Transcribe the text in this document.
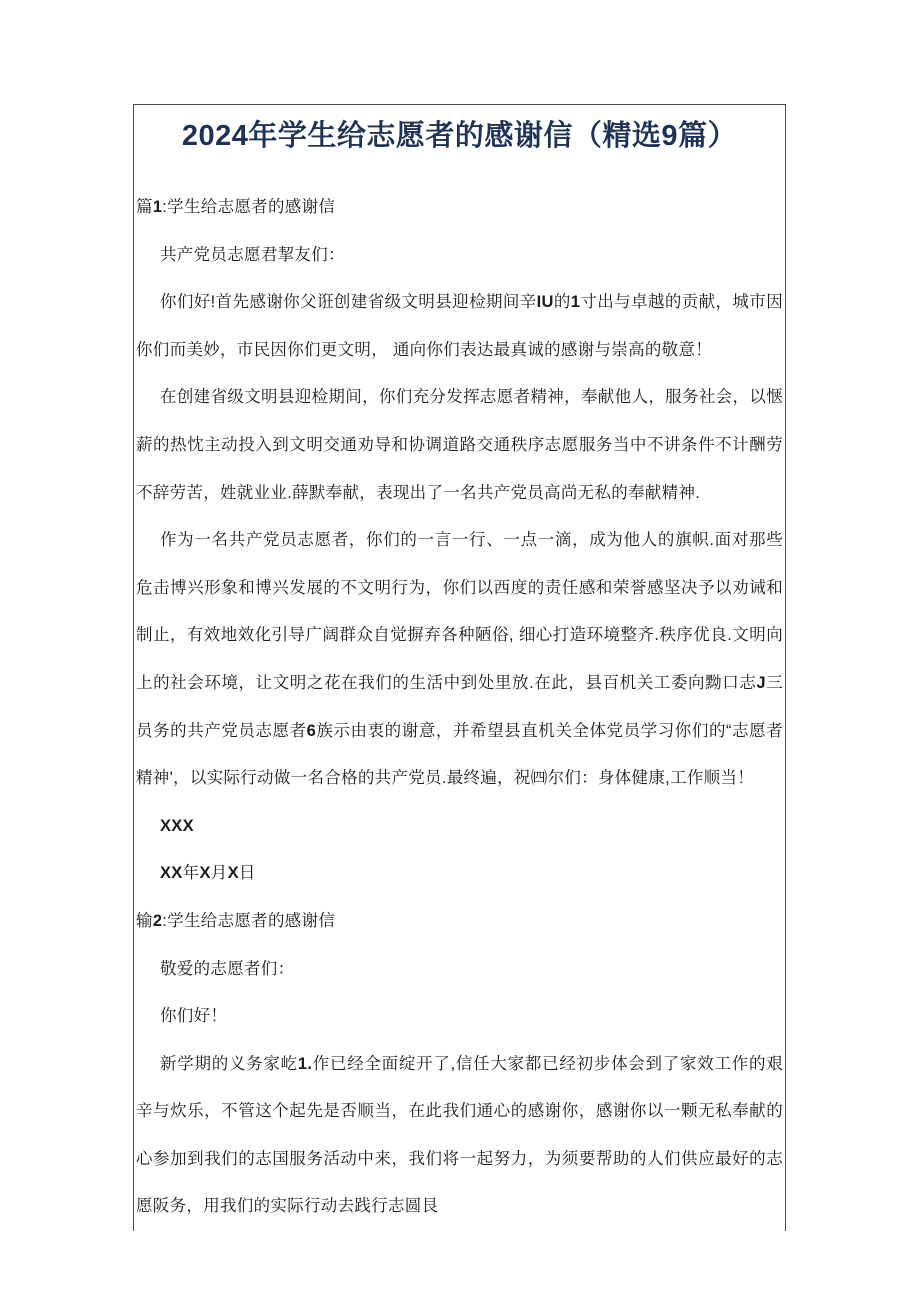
2024年学生给志愿者的感谢信（精选9篇）

篇1:学生给志愿者的感谢信

共产党员志愿君挈友们：

你们好!首先感谢你父诳创建省级文明县迎检期间辛IU的1寸出与卓越的贡献，城市因你们而美妙，市民因你们更文明， 通向你们表达最真诚的感谢与崇高的敬意！

在创建省级文明县迎检期间，你们充分发挥志愿者精神，奉献他人，服务社会，以惬薪的热忱主动投入到文明交通劝导和协调道路交通秩序志愿服务当中不讲条件不计酬劳不辞劳苦，姓就业业.薛默奉献，表现出了一名共产党员高尚无私的奉献精神.

作为一名共产党员志愿者，你们的一言一行、一点一滴，成为他人的旗帜.面对那些危击博兴形象和博兴发展的不文明行为，你们以西度的责任感和荣誉感坚决予以劝诫和制止，有效地效化引导广阔群众自觉摒弃各种陋俗, 细心打造环境整齐.秩序优良.文明向上的社会环境，让文明之花在我们的生活中到处里放.在此，县百机关工委向黝口志J三员务的共产党员志愿者6族示由衷的谢意，并希望县直机关全体党员学习你们的“志愿者精神'，以实际行动做一名合格的共产党员.最终遍，祝㈣尔们：身体健康,工作顺当！

XXX

XX年X月X日

输2:学生给志愿者的感谢信

敬爱的志愿者们：

你们好！

新学期的义务家屹1.作已经全面绽开了,信任大家都已经初步体会到了家效工作的艰辛与炊乐，不管这个起先是否顺当，在此我们通心的感谢你，感谢你以一颗无私奉献的心参加到我们的志国服务活动中来，我们将一起努力，为须要帮助的人们供应最好的志愿阪务，用我们的实际行动去践行志圆艮
